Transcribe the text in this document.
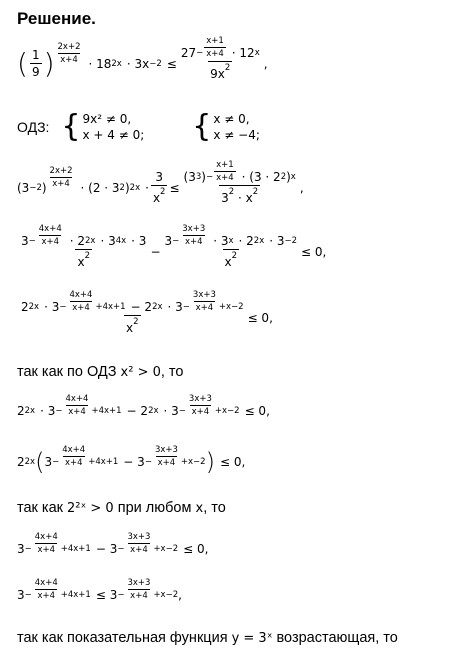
Решение.
( $\frac{1}{9}$ ) $\frac{2x+2}{x+4} \cdot 18$ $2x \cdot 3x -2 \le \frac{27 - \frac{x+1}{x+4} \cdot 12 x}{9x2}$ ,
ОДЗ: { 9x² ≠ 0,
x + 4 ≠ 0; { x ≠ 0,
x ≠ −4;
(3 −2 ) $\frac{2x+2}{x+4} \cdot (2 \cdot 3$ 2 ) $2x \cdot \frac{3}{x2} \le \frac{(3 3 ) - \frac{x+1}{x+4} \cdot (3 \cdot 2 2 ) x}{32 \cdot x2}$ ,
$\frac{3 - \frac{4x+4}{x+4} \cdot 2 2x \cdot 3 4x \cdot 3}{x2} - \frac{3 - \frac{3x+3}{x+4} \cdot 3 x \cdot 2 2x \cdot 3 -2}{x2} \le 0$,
$\frac{2 2x \cdot 3 - \frac{4x+4}{x+4} +4x+1 - 2 2x \cdot 3 - \frac{3x+3}{x+4} +x-2}{x2} \le 0$,
так как по ОДЗ x² > 0, то
2 $2x \cdot 3 - \frac{4x+4}{x+4} +4x+1 - 2$ $2x \cdot 3 - \frac{3x+3}{x+4} +x-2 \le 0$,
2 2x ( $3 - \frac{4x+4}{x+4} +4x+1 - 3 - \frac{3x+3}{x+4} +x-2$ ) ≤ 0,
так как 2²ˣ > 0 при любом x, то
$3 - \frac{4x+4}{x+4} +4x+1 - 3 - \frac{3x+3}{x+4} +x-2 \le 0$,
$3 - \frac{4x+4}{x+4} +4x+1 \le 3 - \frac{3x+3}{x+4} +x-2$ ,
так как показательная функция y = 3ˣ возрастающая, то
